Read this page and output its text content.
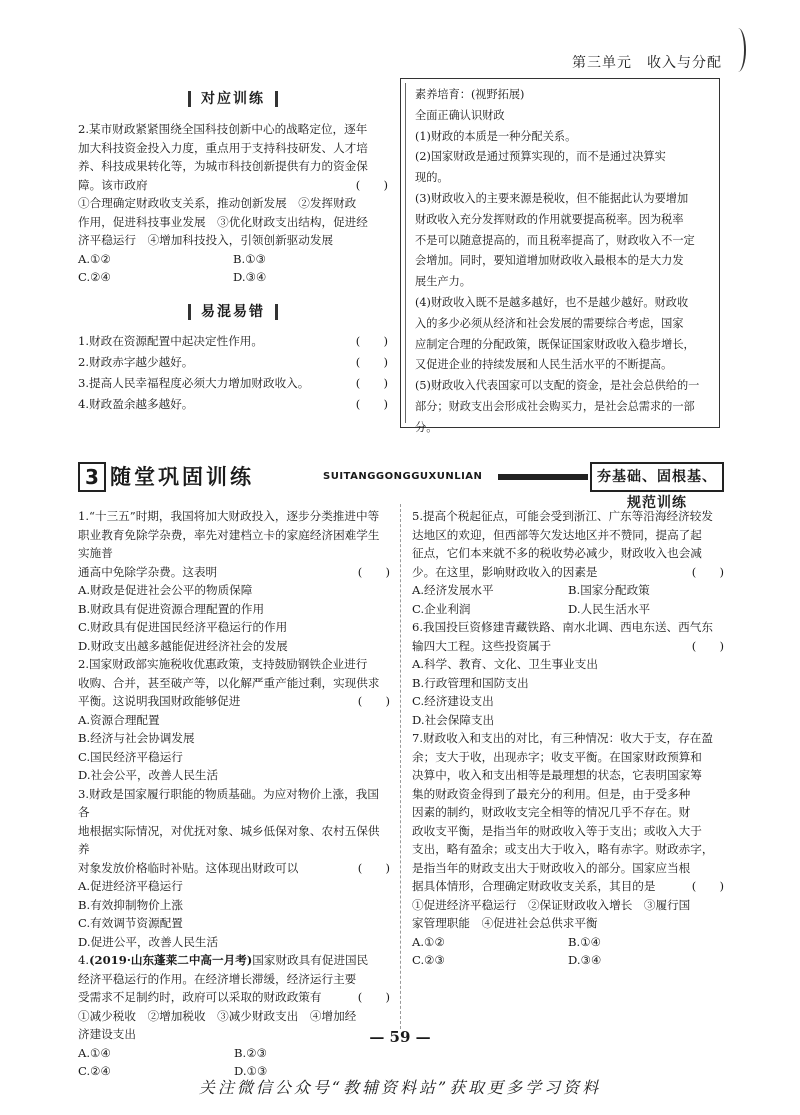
第三单元　收入与分配
对应训练
2.某市财政紧紧围绕全国科技创新中心的战略定位，逐年
加大科技资金投入力度，重点用于支持科技研发、人才培
养、科技成果转化等，为城市科技创新提供有力的资金保
障。该市政府	(　　)
①合理确定财政收支关系，推动创新发展　②发挥财政
作用，促进科技事业发展　③优化财政支出结构，促进经
济平稳运行　④增加科技投入，引领创新驱动发展
A.①②	B.①③
C.②④	D.③④
易混易错
1.财政在资源配置中起决定性作用。	(　　)
2.财政赤字越少越好。	(　　)
3.提高人民幸福程度必须大力增加财政收入。	(　　)
4.财政盈余越多越好。	(　　)
素养培育：(视野拓展)
全面正确认识财政
(1)财政的本质是一种分配关系。
(2)国家财政是通过预算实现的，而不是通过决算实
现的。
(3)财政收入的主要来源是税收，但不能据此认为要增加
财政收入充分发挥财政的作用就要提高税率。因为税率
不是可以随意提高的，而且税率提高了，财政收入不一定
会增加。同时，要知道增加财政收入最根本的是大力发
展生产力。
(4)财政收入既不是越多越好，也不是越少越好。财政收
入的多少必须从经济和社会发展的需要综合考虑，国家
应制定合理的分配政策，既保证国家财政收入稳步增长，
又促进企业的持续发展和人民生活水平的不断提高。
(5)财政收入代表国家可以支配的资金，是社会总供给的一
部分；财政支出会形成社会购买力，是社会总需求的一部分。
3 随堂巩固训练	SUITANGGONGGUXUNLIAN	夯基础、固根基、规范训练
1.“十三五”时期，我国将加大财政投入，逐步分类推进中等
职业教育免除学杂费，率先对建档立卡的家庭经济困难学生实施普
通高中免除学杂费。这表明	(　　)
A.财政是促进社会公平的物质保障
B.财政具有促进资源合理配置的作用
C.财政具有促进国民经济平稳运行的作用
D.财政支出越多越能促进经济社会的发展
2.国家财政部实施税收优惠政策，支持鼓励钢铁企业进行
收购、合并，甚至破产等，以化解严重产能过剩，实现供求
平衡。这说明我国财政能够促进	(　　)
A.资源合理配置
B.经济与社会协调发展
C.国民经济平稳运行
D.社会公平，改善人民生活
3.财政是国家履行职能的物质基础。为应对物价上涨，我国各
地根据实际情况，对优抚对象、城乡低保对象、农村五保供养
对象发放价格临时补贴。这体现出财政可以	(　　)
A.促进经济平稳运行
B.有效抑制物价上涨
C.有效调节资源配置
D.促进公平，改善人民生活
4.(2019·山东蓬莱二中高一月考)国家财政具有促进国民
经济平稳运行的作用。在经济增长滞缓，经济运行主要
受需求不足制约时，政府可以采取的财政政策有	(　　)
①减少税收　②增加税收　③减少财政支出　④增加经
济建设支出
A.①④	B.②③
C.②④	D.①③
5.提高个税起征点，可能会受到浙江、广东等沿海经济较发
达地区的欢迎，但西部等欠发达地区并不赞同，提高了起
征点，它们本来就不多的税收势必减少，财政收入也会减
少。在这里，影响财政收入的因素是	(　　)
A.经济发展水平	B.国家分配政策
C.企业利润	D.人民生活水平
6.我国投巨资修建青藏铁路、南水北调、西电东送、西气东
输四大工程。这些投资属于	(　　)
A.科学、教育、文化、卫生事业支出
B.行政管理和国防支出
C.经济建设支出
D.社会保障支出
7.财政收入和支出的对比，有三种情况：收大于支，存在盈
余；支大于收，出现赤字；收支平衡。在国家财政预算和
决算中，收入和支出相等是最理想的状态，它表明国家筹
集的财政资金得到了最充分的利用。但是，由于受多种
因素的制约，财政收支完全相等的情况几乎不存在。财
政收支平衡，是指当年的财政收入等于支出；或收入大于
支出，略有盈余；或支出大于收入，略有赤字。财政赤字，
是指当年的财政支出大于财政收入的部分。国家应当根
据具体情形，合理确定财政收支关系，其目的是	(　　)
①促进经济平稳运行　②保证财政收入增长　③履行国
家管理职能　④促进社会总供求平衡
A.①②	B.①④
C.②③	D.③④
— 59 —
关注微信公众号“教辅资料站”获取更多学习资料
